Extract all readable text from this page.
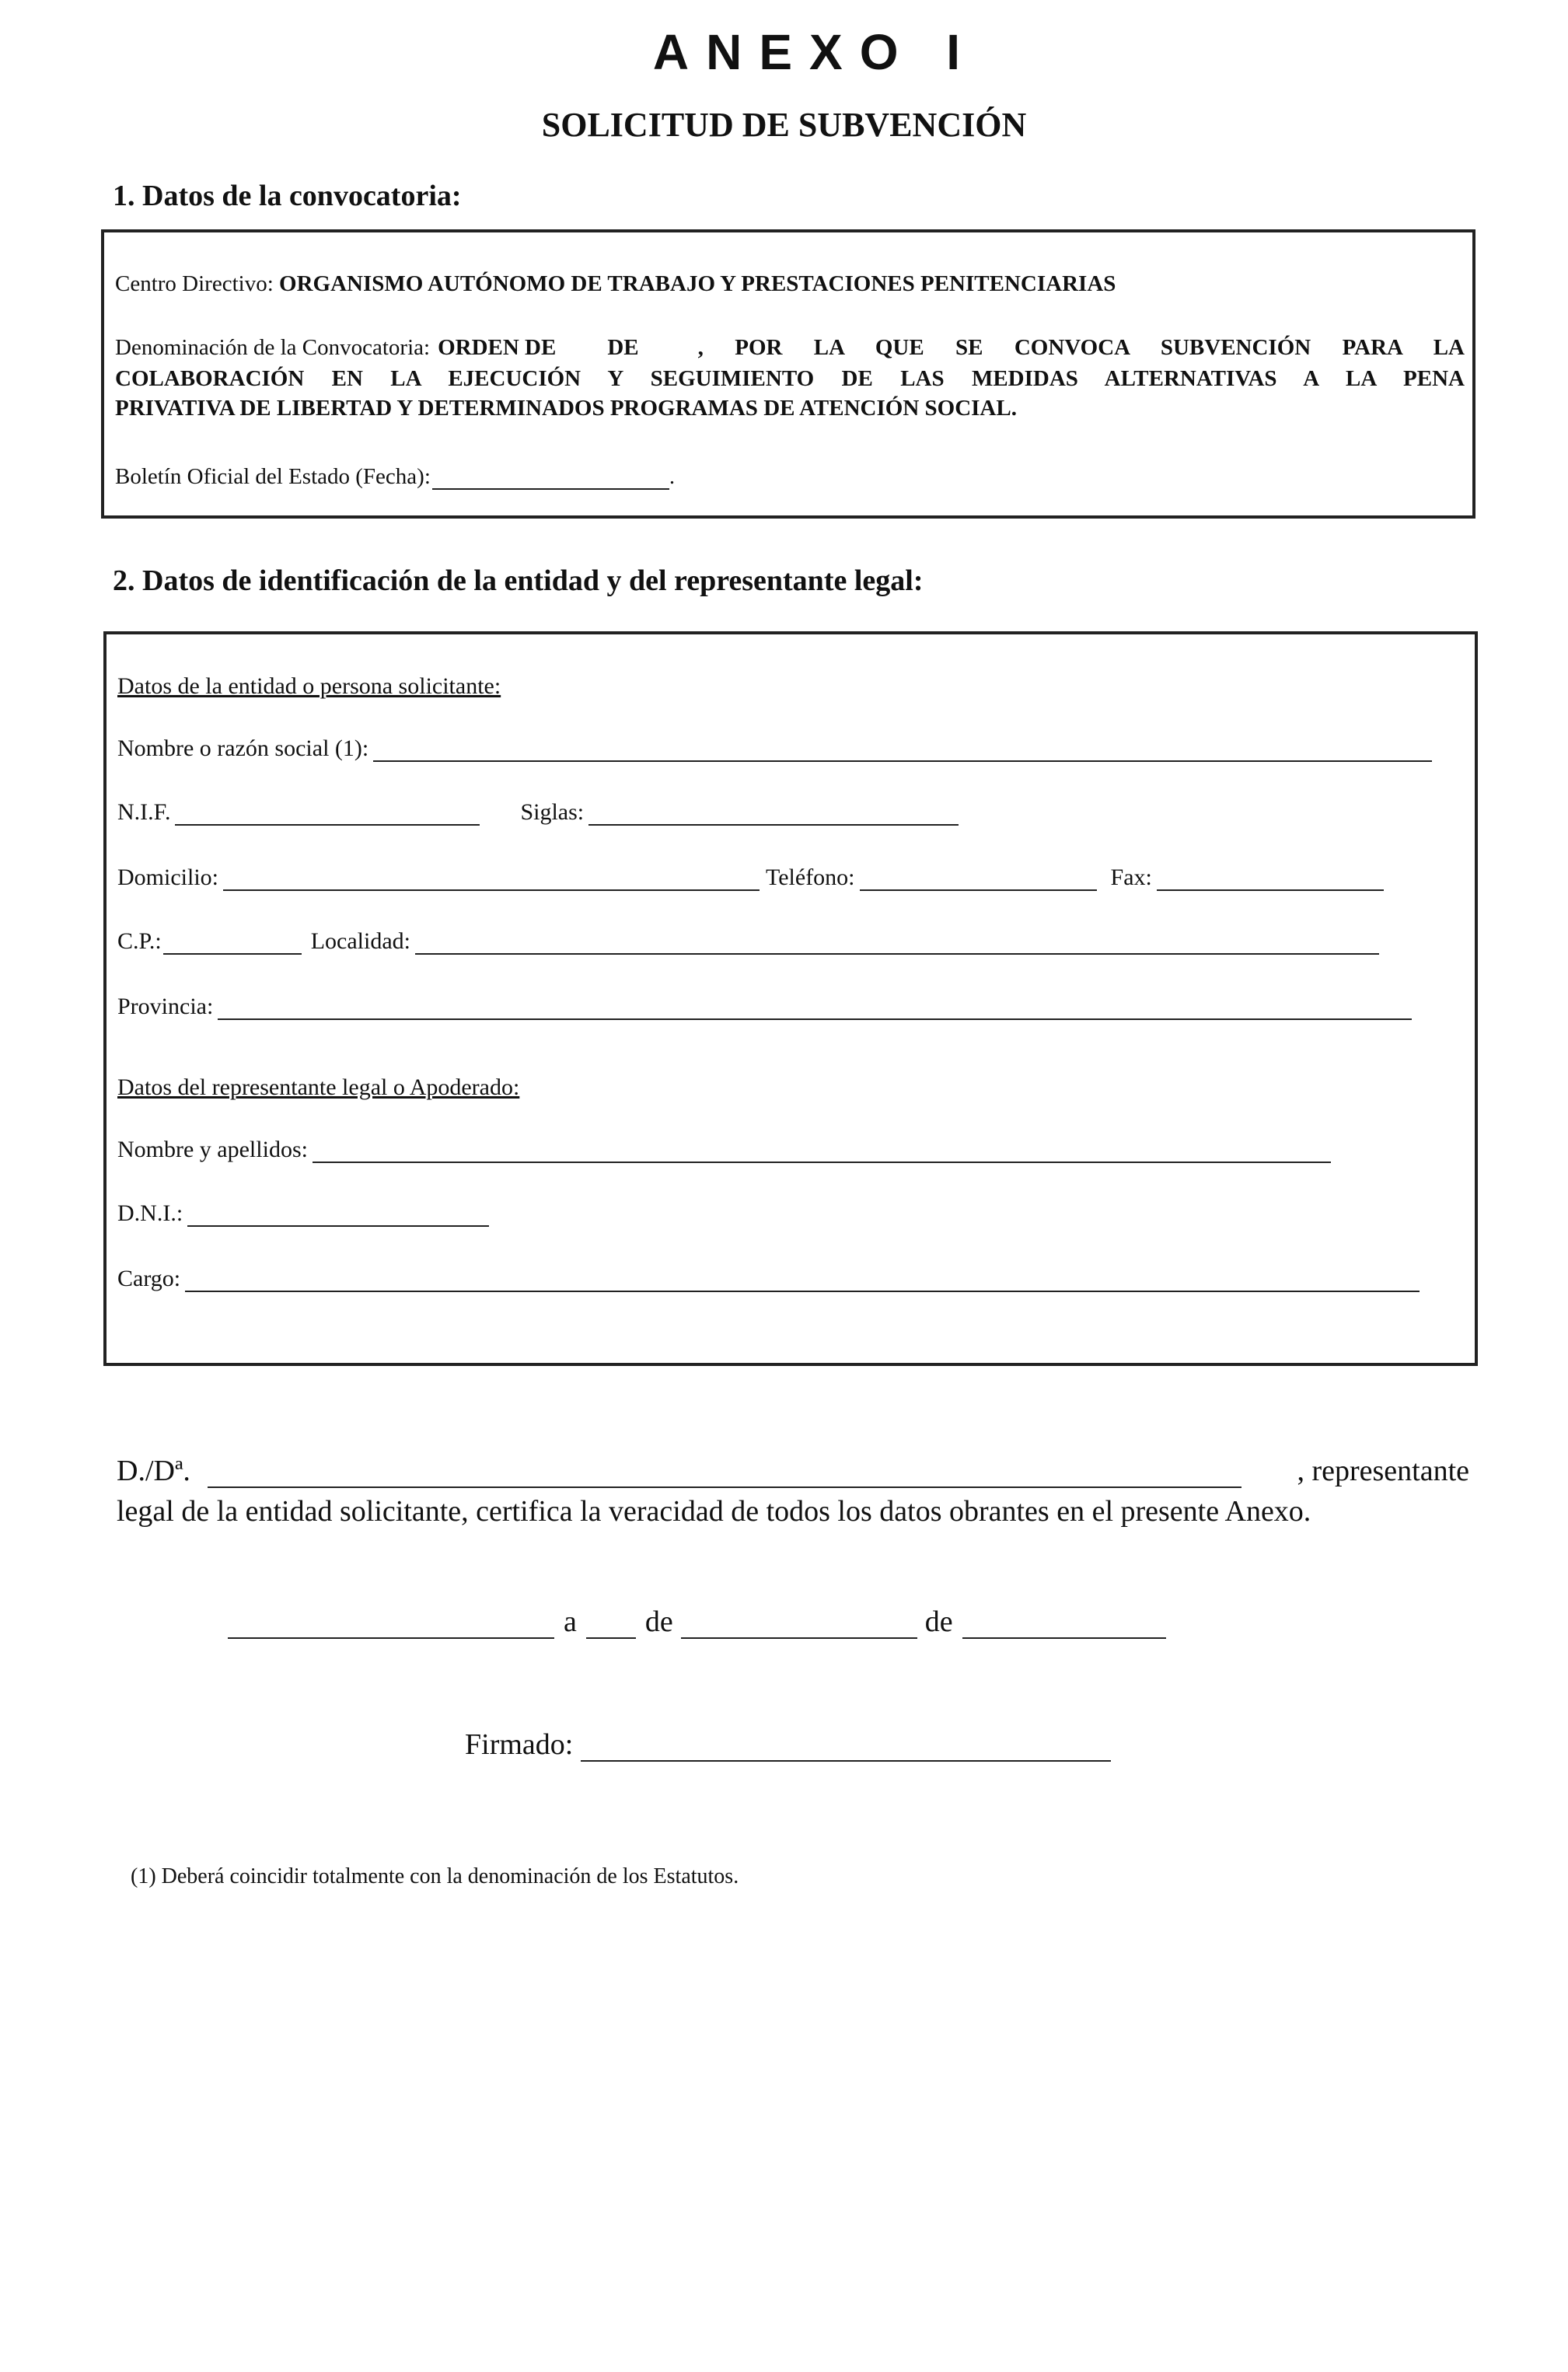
ANEXO I
SOLICITUD DE SUBVENCIÓN
1. Datos de la convocatoria:
Centro Directivo: ORGANISMO AUTÓNOMO DE TRABAJO Y PRESTACIONES PENITENCIARIAS
Denominación de la Convocatoria: ORDEN DE DE	, POR LA QUE SE CONVOCA SUBVENCIÓN PARA LA
COLABORACIÓN EN LA EJECUCIÓN Y SEGUIMIENTO DE LAS MEDIDAS ALTERNATIVAS A LA PENA
PRIVATIVA DE LIBERTAD Y DETERMINADOS PROGRAMAS DE ATENCIÓN SOCIAL.
Boletín Oficial del Estado (Fecha):	.
2. Datos de identificación de la entidad y del representante legal:
Datos de la entidad o persona solicitante:
Nombre o razón social (1):
N.I.F.	Siglas:
Domicilio:	Teléfono:	Fax:
C.P.:	Localidad:
Provincia:
Datos del representante legal o Apoderado:
Nombre y apellidos:
D.N.I.:
Cargo:
D./Dª.	, representante
legal de la entidad solicitante, certifica la veracidad de todos los datos obrantes en el presente Anexo.
a de	de
Firmado:
(1) Deberá coincidir totalmente con la denominación de los Estatutos.
